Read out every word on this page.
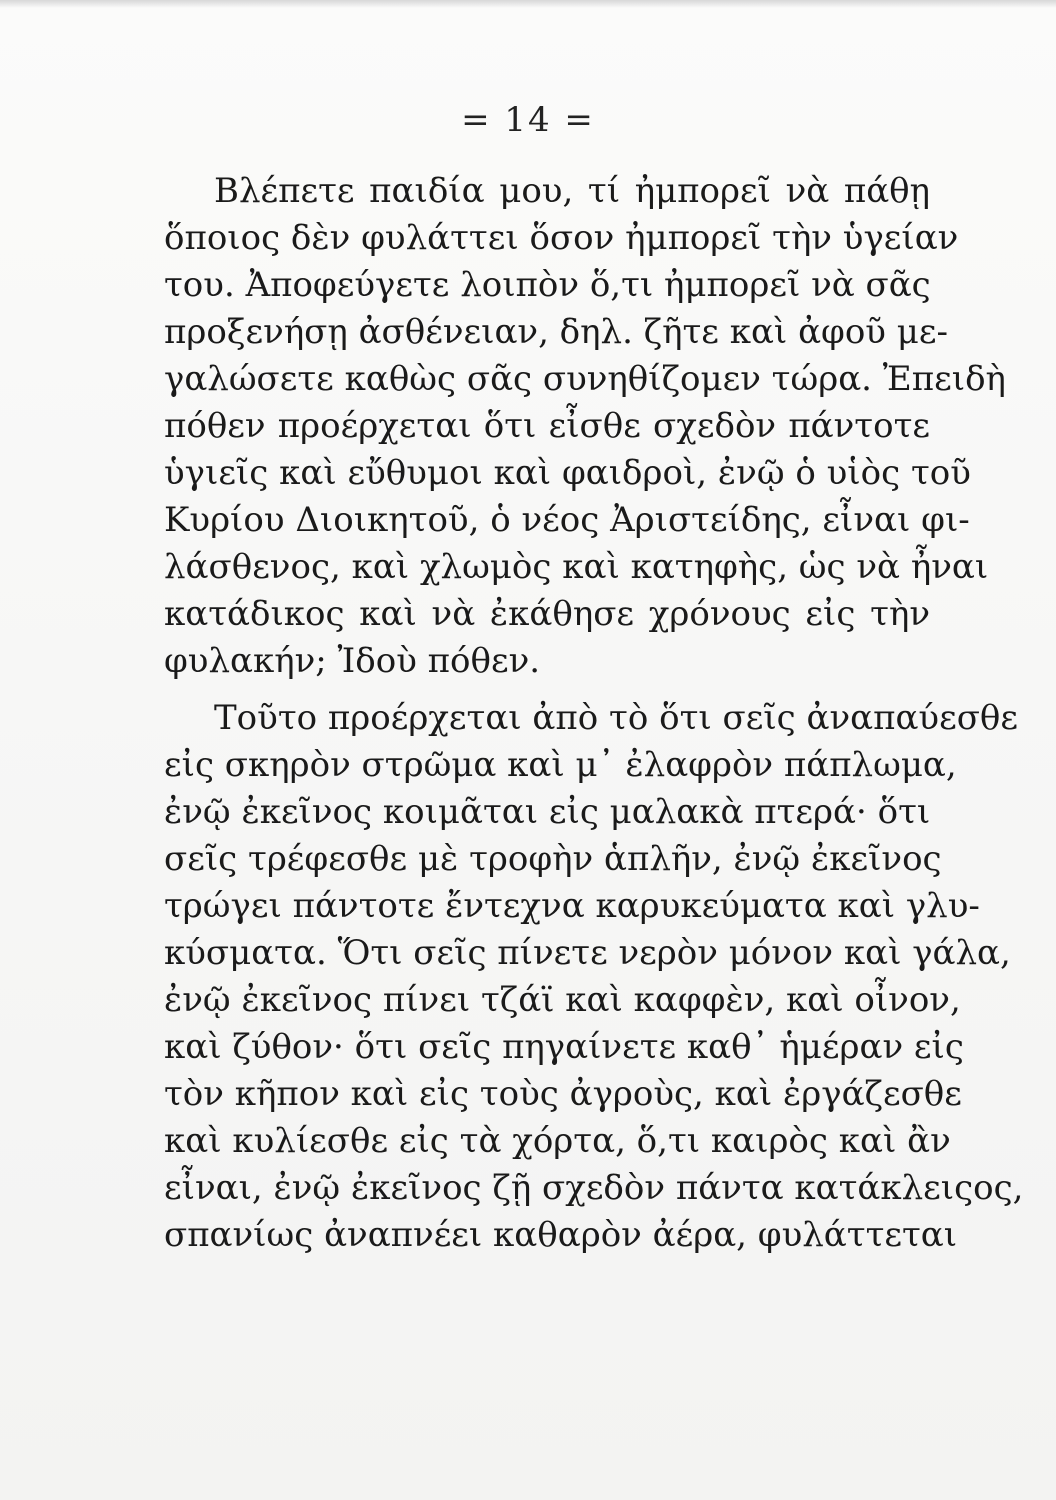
= 14 =
Βλέπετε παιδία μου, τί ἠμπορεῖ νὰ πάθῃ
ὅποιος δὲν φυλάττει ὅσον ἠμπορεῖ τὴν ὑγείαν
του. Ἀποφεύγετε λοιπὸν ὅ,τι ἠμπορεῖ νὰ σᾶς
προξενήσῃ ἀσθένειαν, δηλ. ζῆτε καὶ ἀφοῦ με-
γαλώσετε καθὼς σᾶς συνηθίζομεν τώρα. Ἐπειδὴ
πόθεν προέρχεται ὅτι εἶσθε σχεδὸν πάντοτε
ὑγιεῖς καὶ εὔθυμοι καὶ φαιδροὶ, ἐνῷ ὁ υἱὸς τοῦ
Κυρίου Διοικητοῦ, ὁ νέος Ἀριστείδης, εἶναι φι-
λάσθενος, καὶ χλωμὸς καὶ κατηφὴς, ὡς νὰ ἦναι
κατάδικος καὶ νὰ ἐκάθησε χρόνους εἰς τὴν
φυλακήν; Ἰδοὺ πόθεν.
Τοῦτο προέρχεται ἀπὸ τὸ ὅτι σεῖς ἀναπαύεσθε
εἰς σκηρὸν στρῶμα καὶ μ᾽ ἐλαφρὸν πάπλωμα,
ἐνῷ ἐκεῖνος κοιμᾶται εἰς μαλακὰ πτερά· ὅτι
σεῖς τρέφεσθε μὲ τροφὴν ἁπλῆν, ἐνῷ ἐκεῖνος
τρώγει πάντοτε ἔντεχνα καρυκεύματα καὶ γλυ-
κύσματα. Ὅτι σεῖς πίνετε νερὸν μόνον καὶ γάλα,
ἐνῷ ἐκεῖνος πίνει τζάϊ καὶ καφφὲν, καὶ οἶνον,
καὶ ζύθον· ὅτι σεῖς πηγαίνετε καθ᾽ ἡμέραν εἰς
τὸν κῆπον καὶ εἰς τοὺς ἀγροὺς, καὶ ἐργάζεσθε
καὶ κυλίεσθε εἰς τὰ χόρτα, ὅ,τι καιρὸς καὶ ἂν
εἶναι, ἐνῷ ἐκεῖνος ζῇ σχεδὸν πάντα κατάκλειςος,
σπανίως ἀναπνέει καθαρὸν ἀέρα, φυλάττεται
